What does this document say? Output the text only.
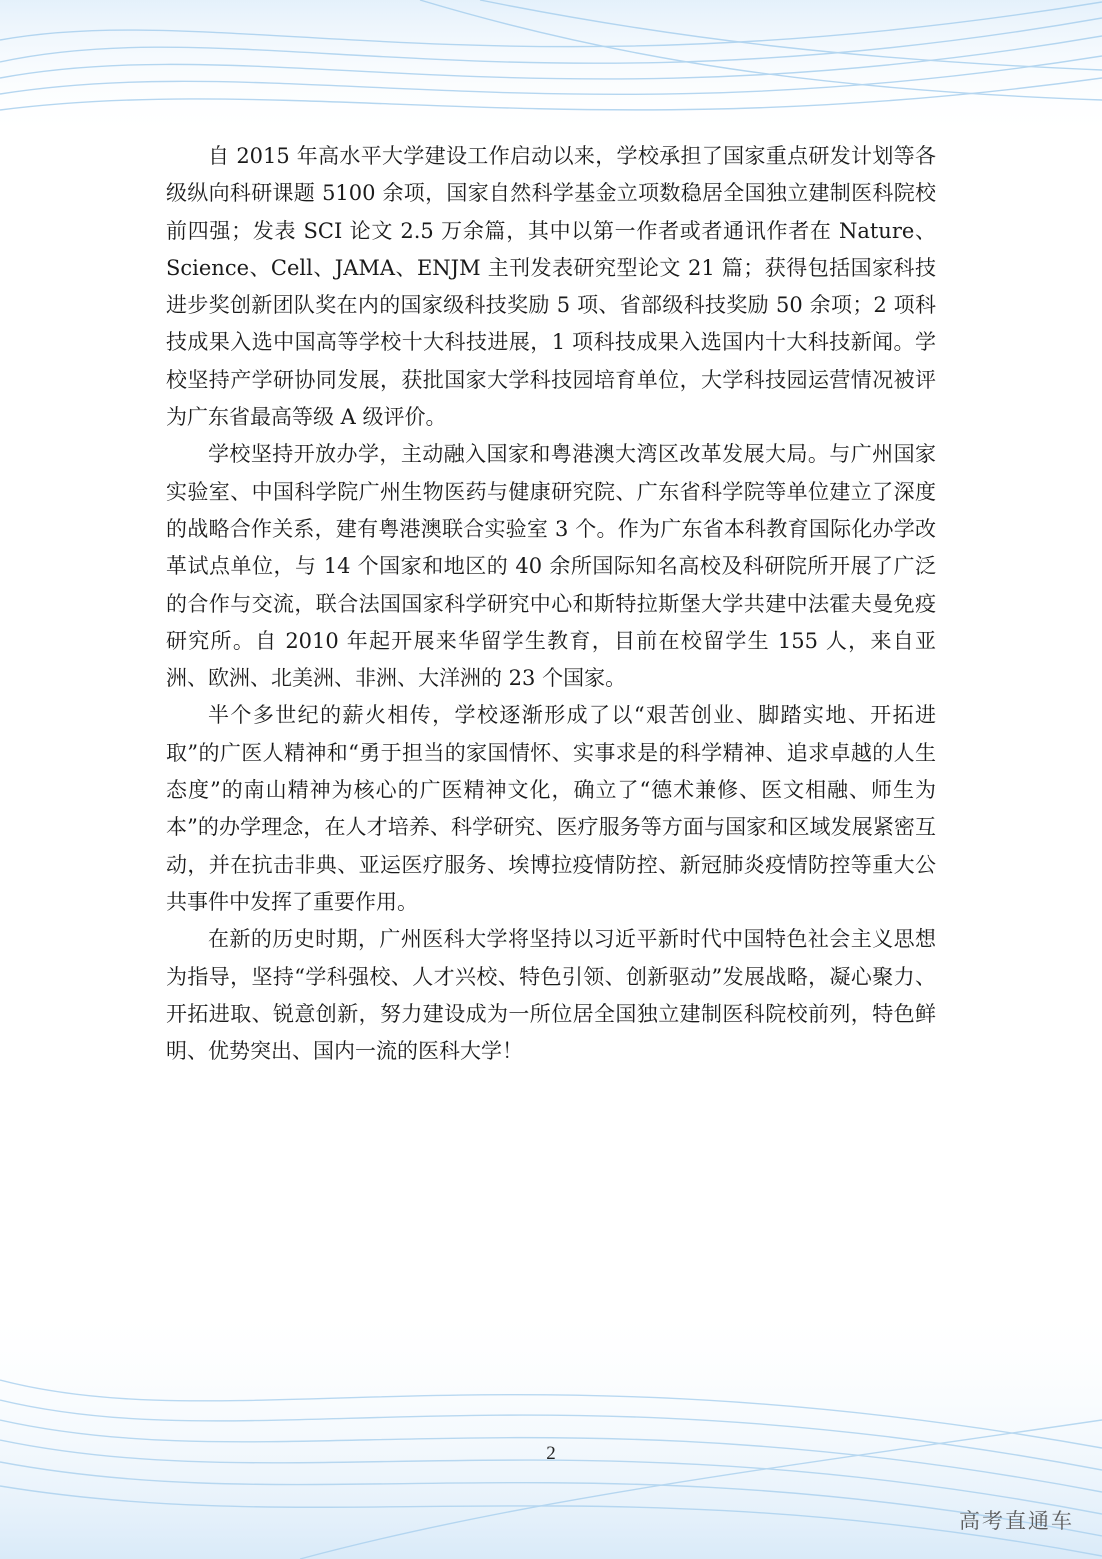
自 2015 年高水平大学建设工作启动以来，学校承担了国家重点研发计划等各级纵向科研课题 5100 余项，国家自然科学基金立项数稳居全国独立建制医科院校前四强；发表 SCI 论文 2.5 万余篇，其中以第一作者或者通讯作者在 Nature、Science、Cell、JAMA、ENJM 主刊发表研究型论文 21 篇；获得包括国家科技进步奖创新团队奖在内的国家级科技奖励 5 项、省部级科技奖励 50 余项；2 项科技成果入选中国高等学校十大科技进展，1 项科技成果入选国内十大科技新闻。学校坚持产学研协同发展，获批国家大学科技园培育单位，大学科技园运营情况被评为广东省最高等级 A 级评价。

学校坚持开放办学，主动融入国家和粤港澳大湾区改革发展大局。与广州国家实验室、中国科学院广州生物医药与健康研究院、广东省科学院等单位建立了深度的战略合作关系，建有粤港澳联合实验室 3 个。作为广东省本科教育国际化办学改革试点单位，与 14 个国家和地区的 40 余所国际知名高校及科研院所开展了广泛的合作与交流，联合法国国家科学研究中心和斯特拉斯堡大学共建中法霍夫曼免疫研究所。自 2010 年起开展来华留学生教育，目前在校留学生 155 人，来自亚洲、欧洲、北美洲、非洲、大洋洲的 23 个国家。

半个多世纪的薪火相传，学校逐渐形成了以“艰苦创业、脚踏实地、开拓进取”的广医人精神和“勇于担当的家国情怀、实事求是的科学精神、追求卓越的人生态度”的南山精神为核心的广医精神文化，确立了“德术兼修、医文相融、师生为本”的办学理念，在人才培养、科学研究、医疗服务等方面与国家和区域发展紧密互动，并在抗击非典、亚运医疗服务、埃博拉疫情防控、新冠肺炎疫情防控等重大公共事件中发挥了重要作用。

在新的历史时期，广州医科大学将坚持以习近平新时代中国特色社会主义思想为指导，坚持“学科强校、人才兴校、特色引领、创新驱动”发展战略，凝心聚力、开拓进取、锐意创新，努力建设成为一所位居全国独立建制医科院校前列，特色鲜明、优势突出、国内一流的医科大学！

2
高考直通车
